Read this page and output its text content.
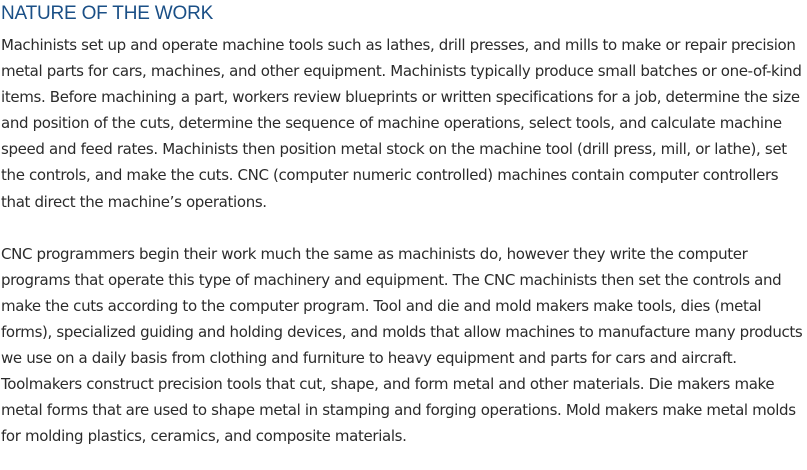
NATURE OF THE WORK

Machinists set up and operate machine tools such as lathes, drill presses, and mills to make or repair precision metal parts for cars, machines, and other equipment. Machinists typically produce small batches or one-of-kind items. Before machining a part, workers review blueprints or written specifications for a job, determine the size and position of the cuts, determine the sequence of machine operations, select tools, and calculate machine speed and feed rates. Machinists then position metal stock on the machine tool (drill press, mill, or lathe), set the controls, and make the cuts. CNC (computer numeric controlled) machines contain computer controllers that direct the machine’s operations.

CNC programmers begin their work much the same as machinists do, however they write the computer programs that operate this type of machinery and equipment. The CNC machinists then set the controls and make the cuts according to the computer program. Tool and die and mold makers make tools, dies (metal forms), specialized guiding and holding devices, and molds that allow machines to manufacture many products we use on a daily basis from clothing and furniture to heavy equipment and parts for cars and aircraft. Toolmakers construct precision tools that cut, shape, and form metal and other materials. Die makers make metal forms that are used to shape metal in stamping and forging operations. Mold makers make metal molds for molding plastics, ceramics, and composite materials.
